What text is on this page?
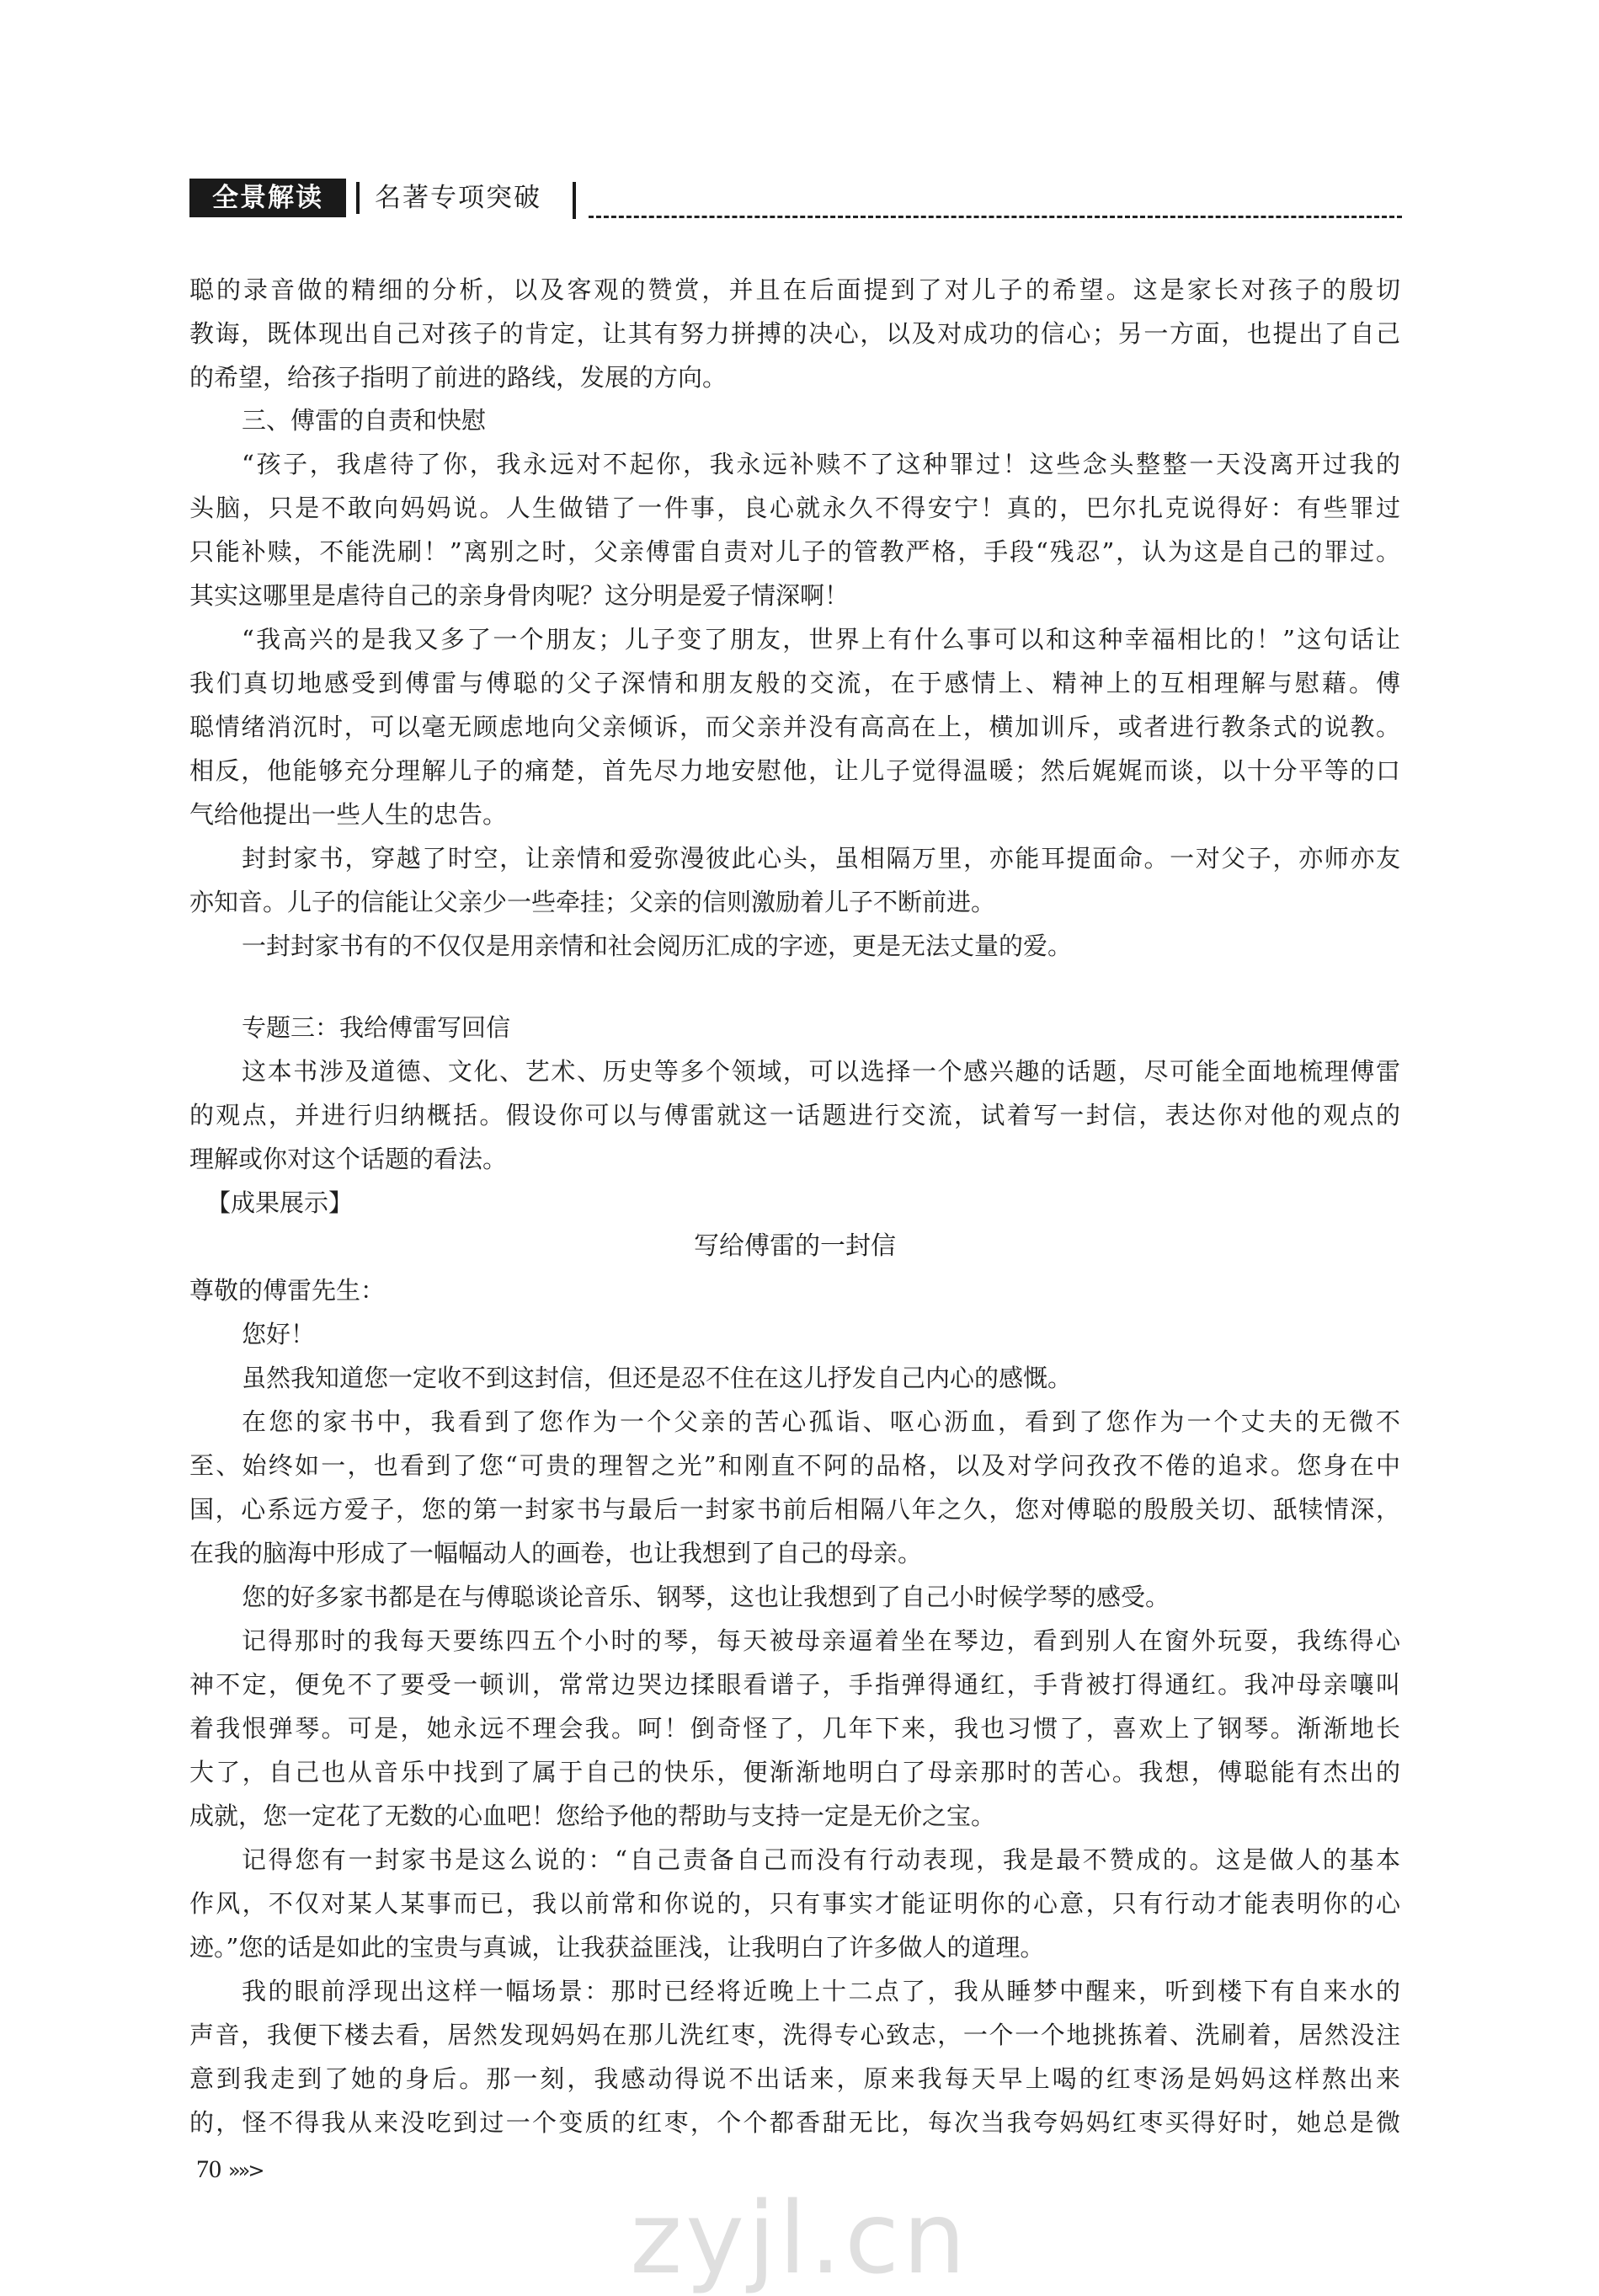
全景解读	名著专项突破
聪的录音做的精细的分析，以及客观的赞赏，并且在后面提到了对儿子的希望。这是家长对孩子的殷切
教诲，既体现出自己对孩子的肯定，让其有努力拼搏的决心，以及对成功的信心；另一方面，也提出了自己
的希望，给孩子指明了前进的路线，发展的方向。
三、傅雷的自责和快慰
“孩子，我虐待了你，我永远对不起你，我永远补赎不了这种罪过！这些念头整整一天没离开过我的
头脑，只是不敢向妈妈说。人生做错了一件事，良心就永久不得安宁！真的，巴尔扎克说得好：有些罪过
只能补赎，不能洗刷！”离别之时，父亲傅雷自责对儿子的管教严格，手段“残忍”，认为这是自己的罪过。
其实这哪里是虐待自己的亲身骨肉呢？这分明是爱子情深啊！
“我高兴的是我又多了一个朋友；儿子变了朋友，世界上有什么事可以和这种幸福相比的！”这句话让
我们真切地感受到傅雷与傅聪的父子深情和朋友般的交流，在于感情上、精神上的互相理解与慰藉。傅
聪情绪消沉时，可以毫无顾虑地向父亲倾诉，而父亲并没有高高在上，横加训斥，或者进行教条式的说教。
相反，他能够充分理解儿子的痛楚，首先尽力地安慰他，让儿子觉得温暖；然后娓娓而谈，以十分平等的口
气给他提出一些人生的忠告。
封封家书，穿越了时空，让亲情和爱弥漫彼此心头，虽相隔万里，亦能耳提面命。一对父子，亦师亦友
亦知音。儿子的信能让父亲少一些牵挂；父亲的信则激励着儿子不断前进。
一封封家书有的不仅仅是用亲情和社会阅历汇成的字迹，更是无法丈量的爱。
专题三：我给傅雷写回信
这本书涉及道德、文化、艺术、历史等多个领域，可以选择一个感兴趣的话题，尽可能全面地梳理傅雷
的观点，并进行归纳概括。假设你可以与傅雷就这一话题进行交流，试着写一封信，表达你对他的观点的
理解或你对这个话题的看法。
【成果展示】
写给傅雷的一封信
尊敬的傅雷先生：
您好！
虽然我知道您一定收不到这封信，但还是忍不住在这儿抒发自己内心的感慨。
在您的家书中，我看到了您作为一个父亲的苦心孤诣、呕心沥血，看到了您作为一个丈夫的无微不
至、始终如一，也看到了您“可贵的理智之光”和刚直不阿的品格，以及对学问孜孜不倦的追求。您身在中
国，心系远方爱子，您的第一封家书与最后一封家书前后相隔八年之久，您对傅聪的殷殷关切、舐犊情深，
在我的脑海中形成了一幅幅动人的画卷，也让我想到了自己的母亲。
您的好多家书都是在与傅聪谈论音乐、钢琴，这也让我想到了自己小时候学琴的感受。
记得那时的我每天要练四五个小时的琴，每天被母亲逼着坐在琴边，看到别人在窗外玩耍，我练得心
神不定，便免不了要受一顿训，常常边哭边揉眼看谱子，手指弹得通红，手背被打得通红。我冲母亲嚷叫
着我恨弹琴。可是，她永远不理会我。呵！倒奇怪了，几年下来，我也习惯了，喜欢上了钢琴。渐渐地长
大了，自己也从音乐中找到了属于自己的快乐，便渐渐地明白了母亲那时的苦心。我想，傅聪能有杰出的
成就，您一定花了无数的心血吧！您给予他的帮助与支持一定是无价之宝。
记得您有一封家书是这么说的：“自己责备自己而没有行动表现，我是最不赞成的。这是做人的基本
作风，不仅对某人某事而已，我以前常和你说的，只有事实才能证明你的心意，只有行动才能表明你的心
迹。”您的话是如此的宝贵与真诚，让我获益匪浅，让我明白了许多做人的道理。
我的眼前浮现出这样一幅场景：那时已经将近晚上十二点了，我从睡梦中醒来，听到楼下有自来水的
声音，我便下楼去看，居然发现妈妈在那儿洗红枣，洗得专心致志，一个一个地挑拣着、洗刷着，居然没注
意到我走到了她的身后。那一刻，我感动得说不出话来，原来我每天早上喝的红枣汤是妈妈这样熬出来
的，怪不得我从来没吃到过一个变质的红枣，个个都香甜无比，每次当我夸妈妈红枣买得好时，她总是微
70 »»>
zyjl.cn
